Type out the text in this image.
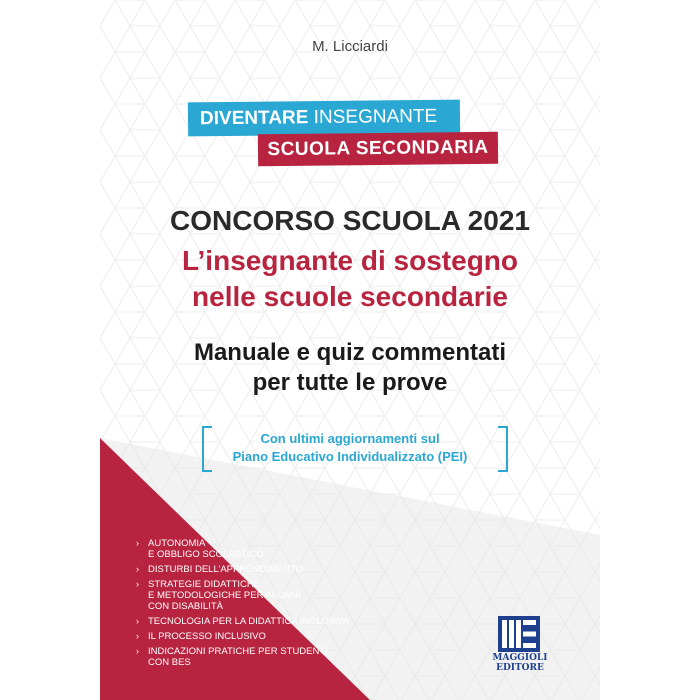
M. Licciardi
DIVENTARE INSEGNANTE
SCUOLA SECONDARIA
CONCORSO SCUOLA 2021
L’insegnante di sostegno
nelle scuole secondarie
Manuale e quiz commentati
per tutte le prove
Con ultimi aggiornamenti sul
Piano Educativo Individualizzato (PEI)
› AUTONOMIA
E OBBLIGO SCOLASTICO
› DISTURBI DELL’APPRENDIMENTO
› STRATEGIE DIDATTICHE
E METODOLOGICHE PER ALUNNI
CON DISABILITÀ
› TECNOLOGIA PER LA DIDATTICA INCLUSIVA
› IL PROCESSO INCLUSIVO
› INDICAZIONI PRATICHE PER STUDENTI
CON BES	MAGGIOLI
EDITORE
